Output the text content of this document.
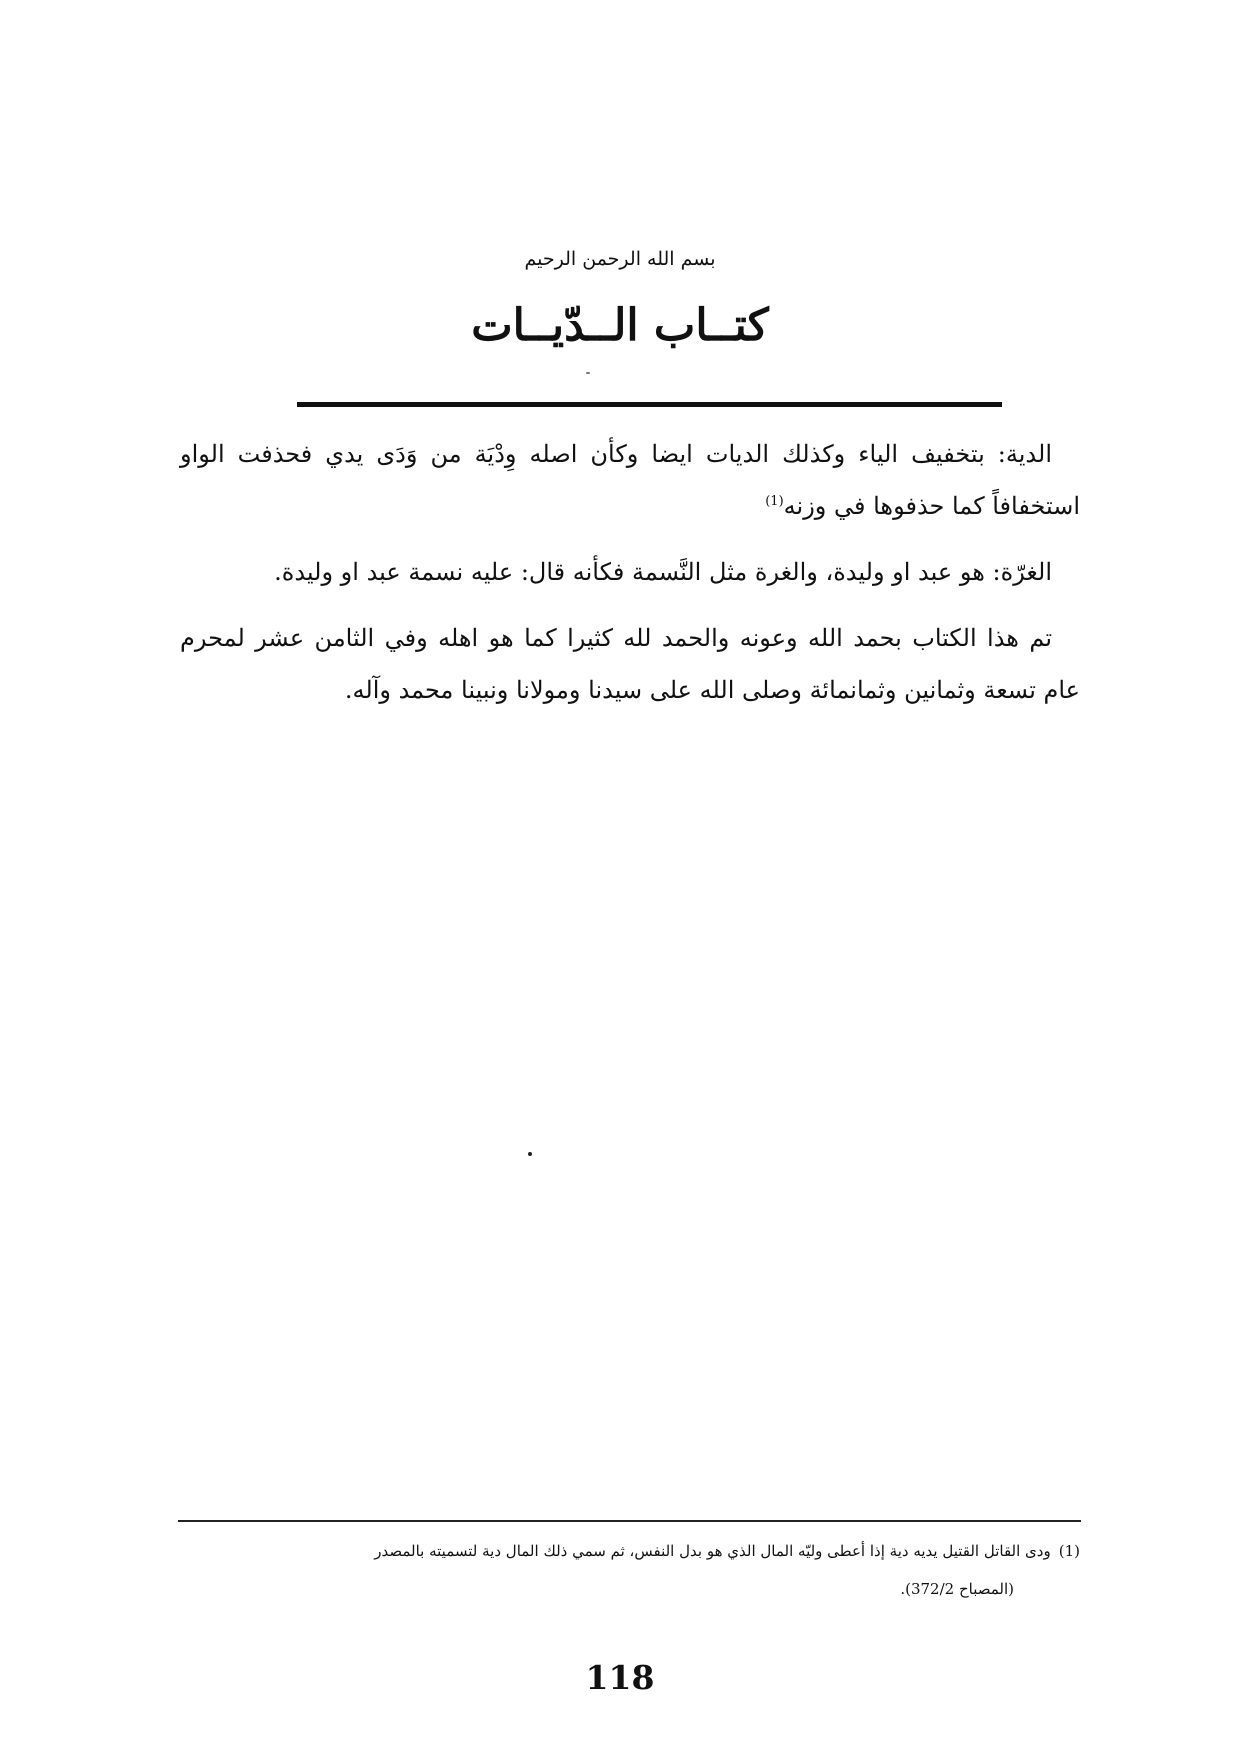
بسم الله الرحمن الرحيم
كتــاب الــدّيــات

الدية: بتخفيف الياء وكذلك الديات ايضا وكأن اصله وِدْيَة من وَدَى يدي فحذفت الواو استخفافاً كما حذفوها في وزنه$^{(1)}$

الغرّة: هو عبد او وليدة، والغرة مثل النَّسمة فكأنه قال: عليه نسمة عبد او وليدة.

تم هذا الكتاب بحمد الله وعونه والحمد لله كثيرا كما هو اهله وفي الثامن عشر لمحرم عام تسعة وثمانين وثمانمائة وصلى الله على سيدنا ومولانا ونبينا محمد وآله.

(1)ودى القاتل القتيل يديه دية إذا أعطى وليّه المال الذي هو بدل النفس، ثم سمي ذلك المال دية لتسميته بالمصدر
(المصباح 372/2).
118
